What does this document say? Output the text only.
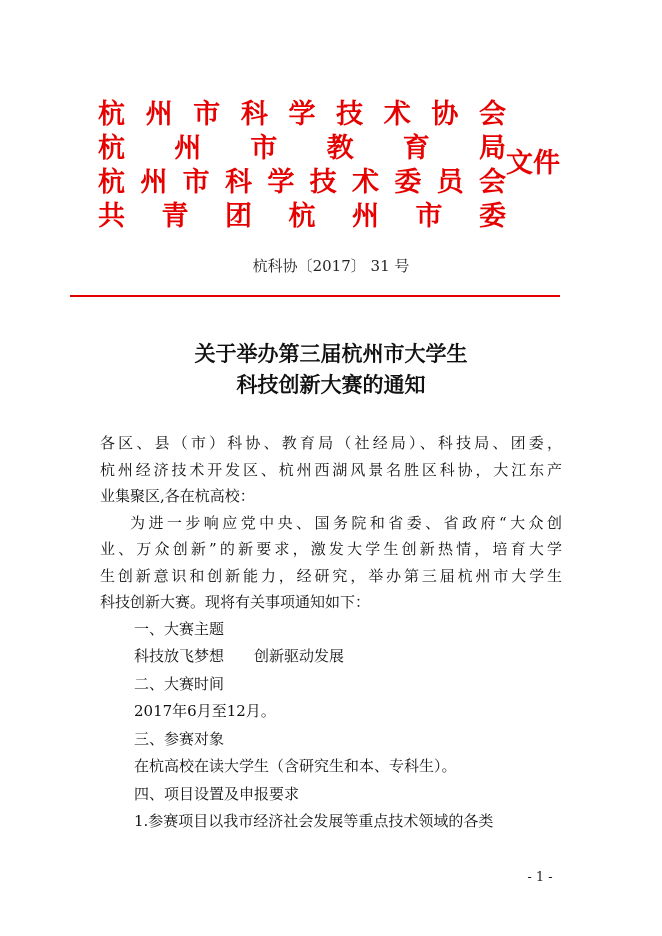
杭州市科学技术协会
杭州市教育局
杭州市科学技术委员会
共青团杭州市委
文件
杭科协〔2017〕 31 号
关于举办第三届杭州市大学生
科技创新大赛的通知

各区、县（市）科协、教育局（社经局）、科技局、团委，

杭州经济技术开发区、杭州西湖风景名胜区科协，大江东产

业集聚区,各在杭高校：

为进一步响应党中央、国务院和省委、省政府“大众创

业、万众创新”的新要求，激发大学生创新热情，培育大学

生创新意识和创新能力，经研究，举办第三届杭州市大学生

科技创新大赛。现将有关事项通知如下：

一、大赛主题
科技放飞梦想 创新驱动发展
二、大赛时间
2017年6月至12月。
三、参赛对象
在杭高校在读大学生（含研究生和本、专科生）。
四、项目设置及申报要求
1.参赛项目以我市经济社会发展等重点技术领域的各类
- 1 -
